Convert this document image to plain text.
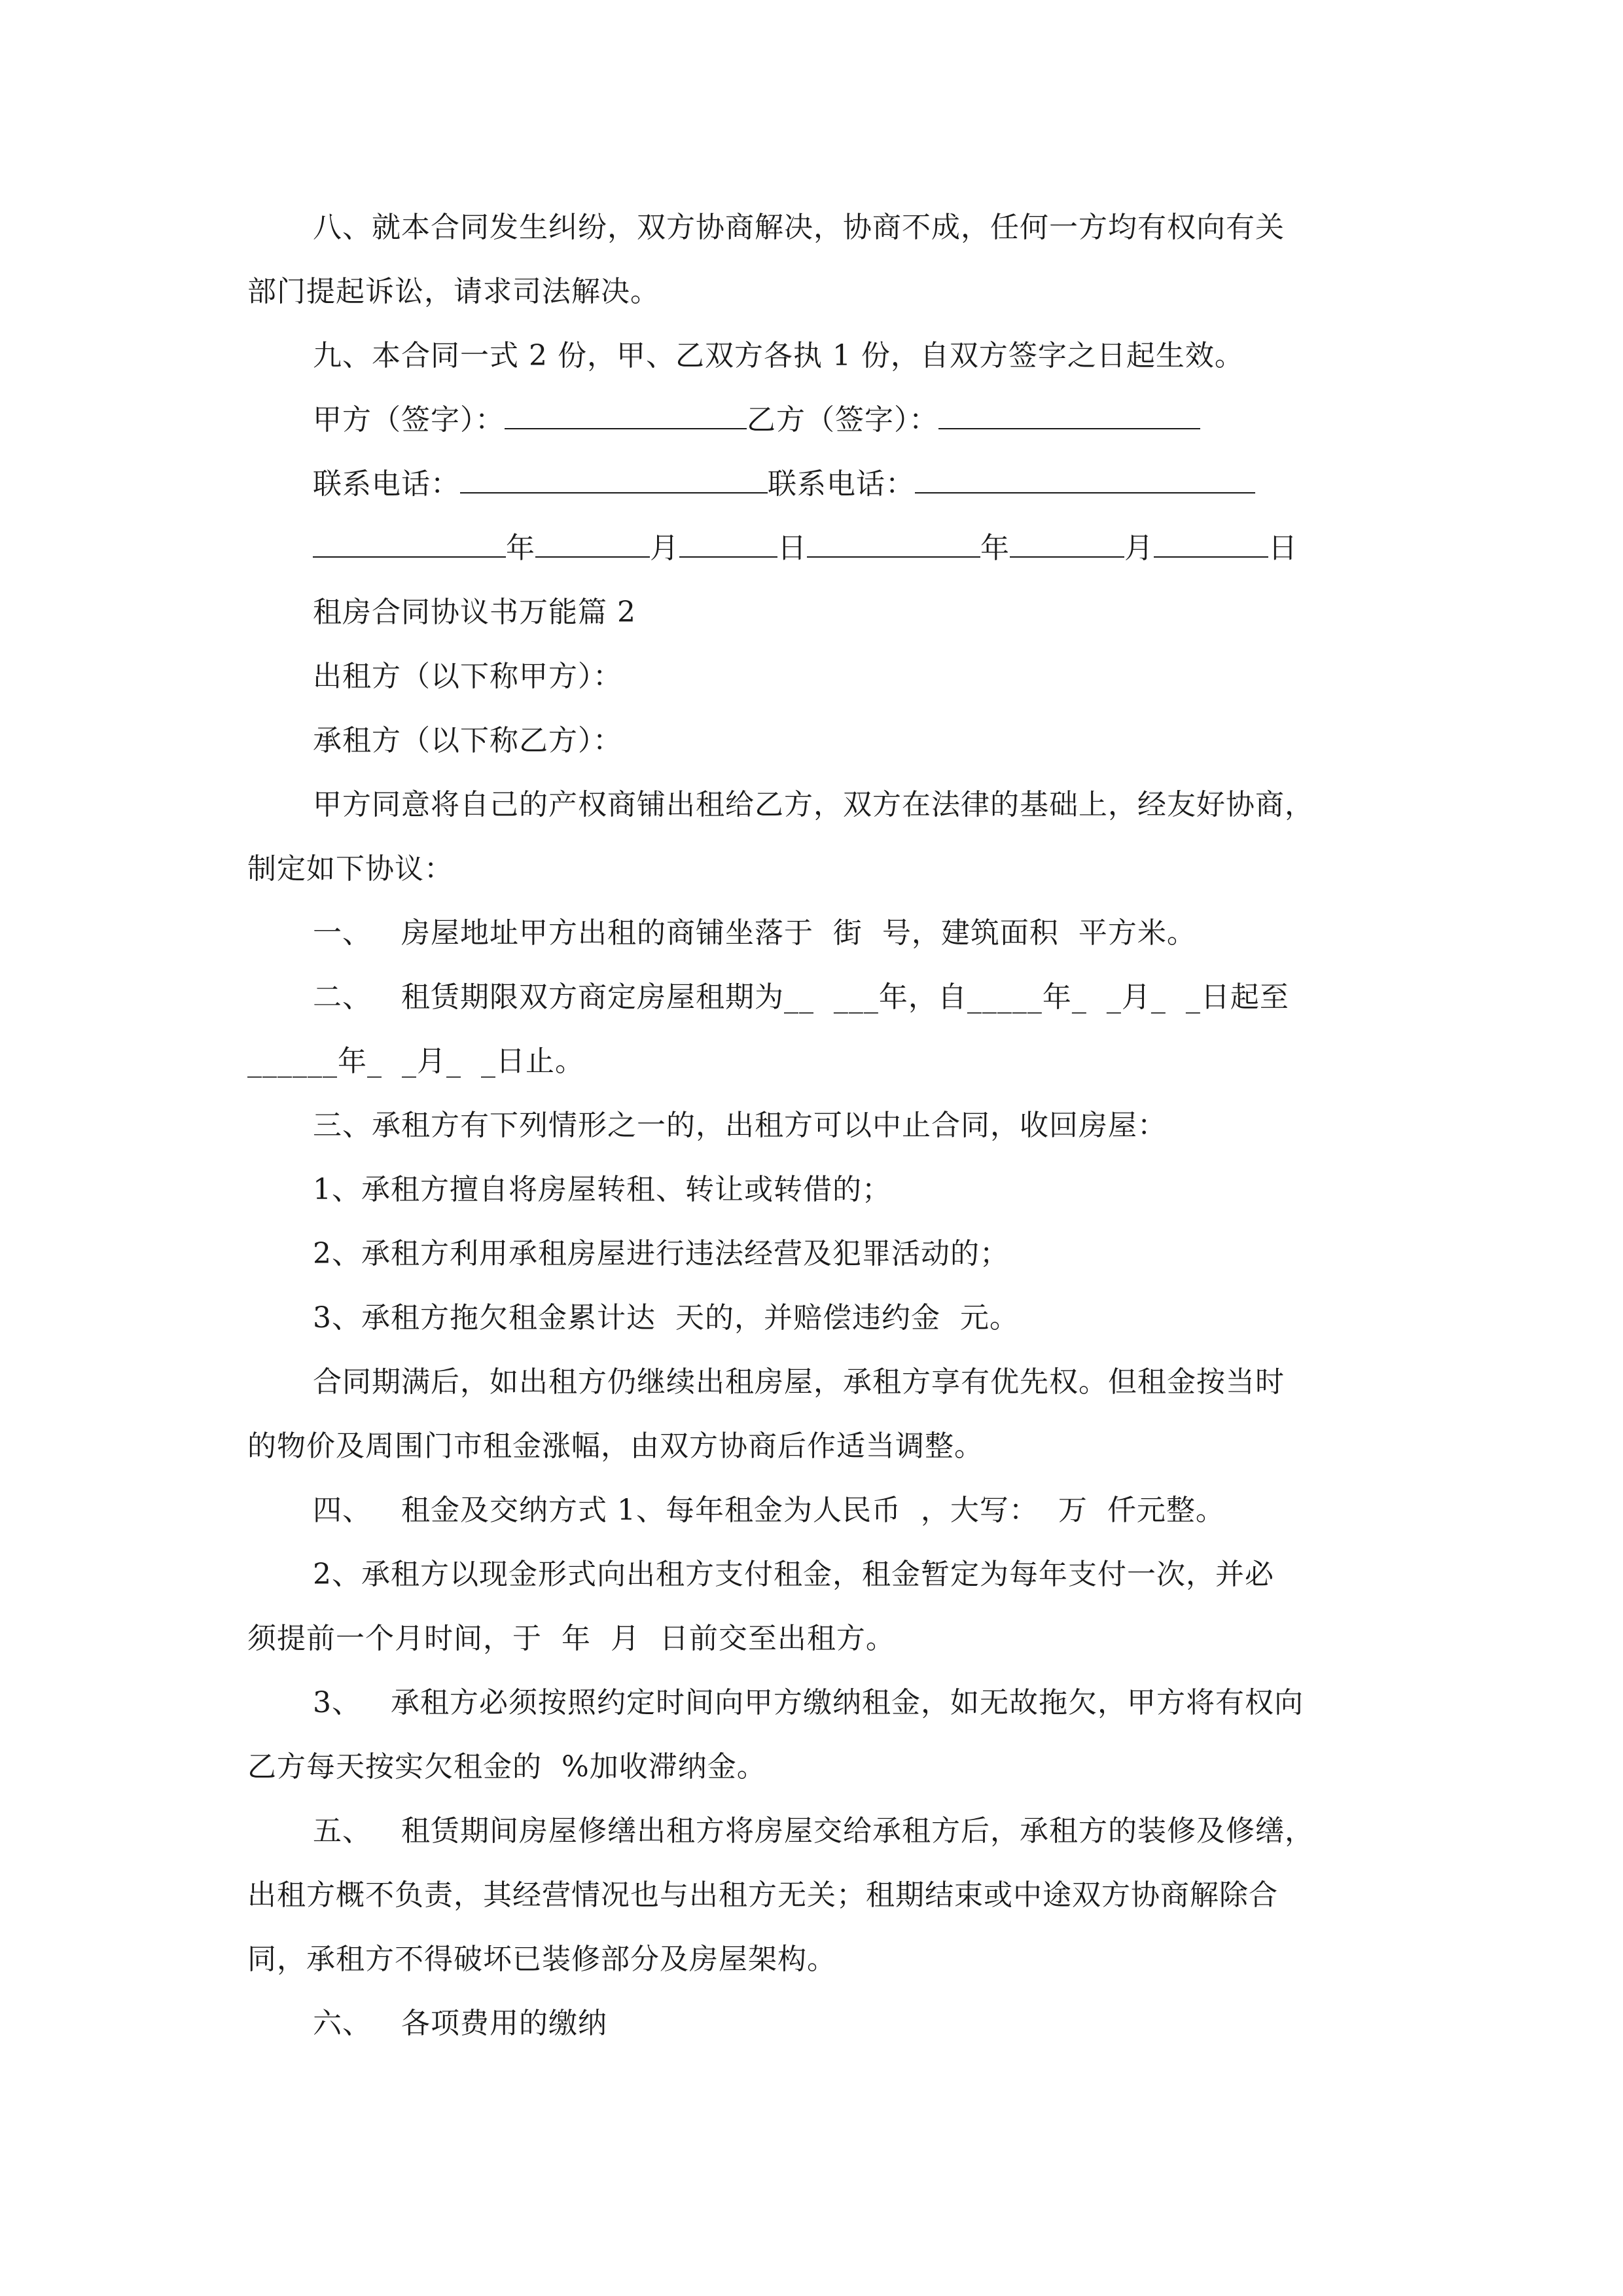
八、就本合同发生纠纷，双方协商解决，协商不成，任何一方均有权向有关
部门提起诉讼，请求司法解决。
九、本合同一式 2 份，甲、乙双方各执 1 份，自双方签字之日起生效。
甲方（签字）：	乙方（签字）：
联系电话：	联系电话：
年	月	日	年	月	日
租房合同协议书万能篇 2
出租方（以下称甲方）：
承租方（以下称乙方）：
甲方同意将自己的产权商铺出租给乙方，双方在法律的基础上，经友好协商，
制定如下协议：
一、   房屋地址甲方出租的商铺坐落于  街  号，建筑面积  平方米。
二、   租赁期限双方商定房屋租期为__  ___年，自_____年_  _月_  _日起至
______年_  _月_  _日止。
三、承租方有下列情形之一的，出租方可以中止合同，收回房屋：
1、承租方擅自将房屋转租、转让或转借的；
2、承租方利用承租房屋进行违法经营及犯罪活动的；
3、承租方拖欠租金累计达  天的，并赔偿违约金  元。
合同期满后，如出租方仍继续出租房屋，承租方享有优先权。但租金按当时
的物价及周围门市租金涨幅，由双方协商后作适当调整。
四、   租金及交纳方式 1、每年租金为人民币  ，大写：  万  仟元整。
2、承租方以现金形式向出租方支付租金，租金暂定为每年支付一次，并必
须提前一个月时间，于  年  月  日前交至出租方。
3、   承租方必须按照约定时间向甲方缴纳租金，如无故拖欠，甲方将有权向
乙方每天按实欠租金的  %加收滞纳金。
五、   租赁期间房屋修缮出租方将房屋交给承租方后，承租方的装修及修缮，
出租方概不负责，其经营情况也与出租方无关；租期结束或中途双方协商解除合
同，承租方不得破坏已装修部分及房屋架构。
六、   各项费用的缴纳
